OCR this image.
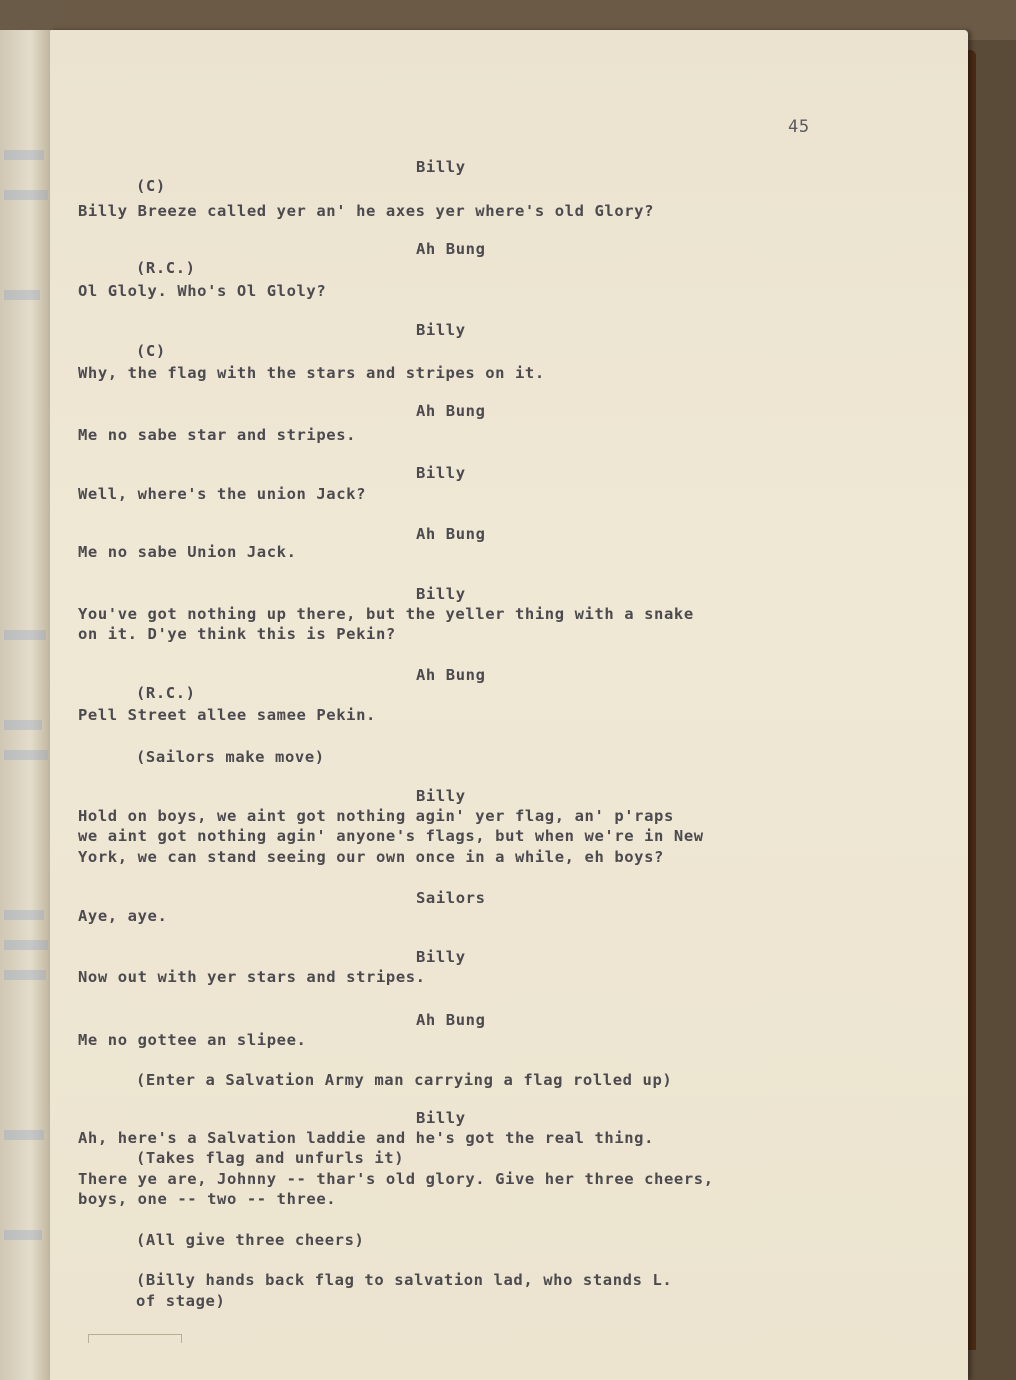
45
Billy
(C)
Billy Breeze called yer an' he axes yer where's old Glory?
Ah Bung
(R.C.)
Ol Gloly. Who's Ol Gloly?
Billy
(C)
Why, the flag with the stars and stripes on it.
Ah Bung
Me no sabe star and stripes.
Billy
Well, where's the union Jack?
Ah Bung
Me no sabe Union Jack.
Billy
You've got nothing up there, but the yeller thing with a snake
on it. D'ye think this is Pekin?
Ah Bung
(R.C.)
Pell Street allee samee Pekin.
(Sailors make move)
Billy
Hold on boys, we aint got nothing agin' yer flag, an' p'raps
we aint got nothing agin' anyone's flags, but when we're in New
York, we can stand seeing our own once in a while, eh boys?
Sailors
Aye, aye.
Billy
Now out with yer stars and stripes.
Ah Bung
Me no gottee an slipee.
(Enter a Salvation Army man carrying a flag rolled up)
Billy
Ah, here's a Salvation laddie and he's got the real thing.
(Takes flag and unfurls it)
There ye are, Johnny -- thar's old glory. Give her three cheers,
boys, one -- two -- three.
(All give three cheers)
(Billy hands back flag to salvation lad, who stands L.
of stage)
